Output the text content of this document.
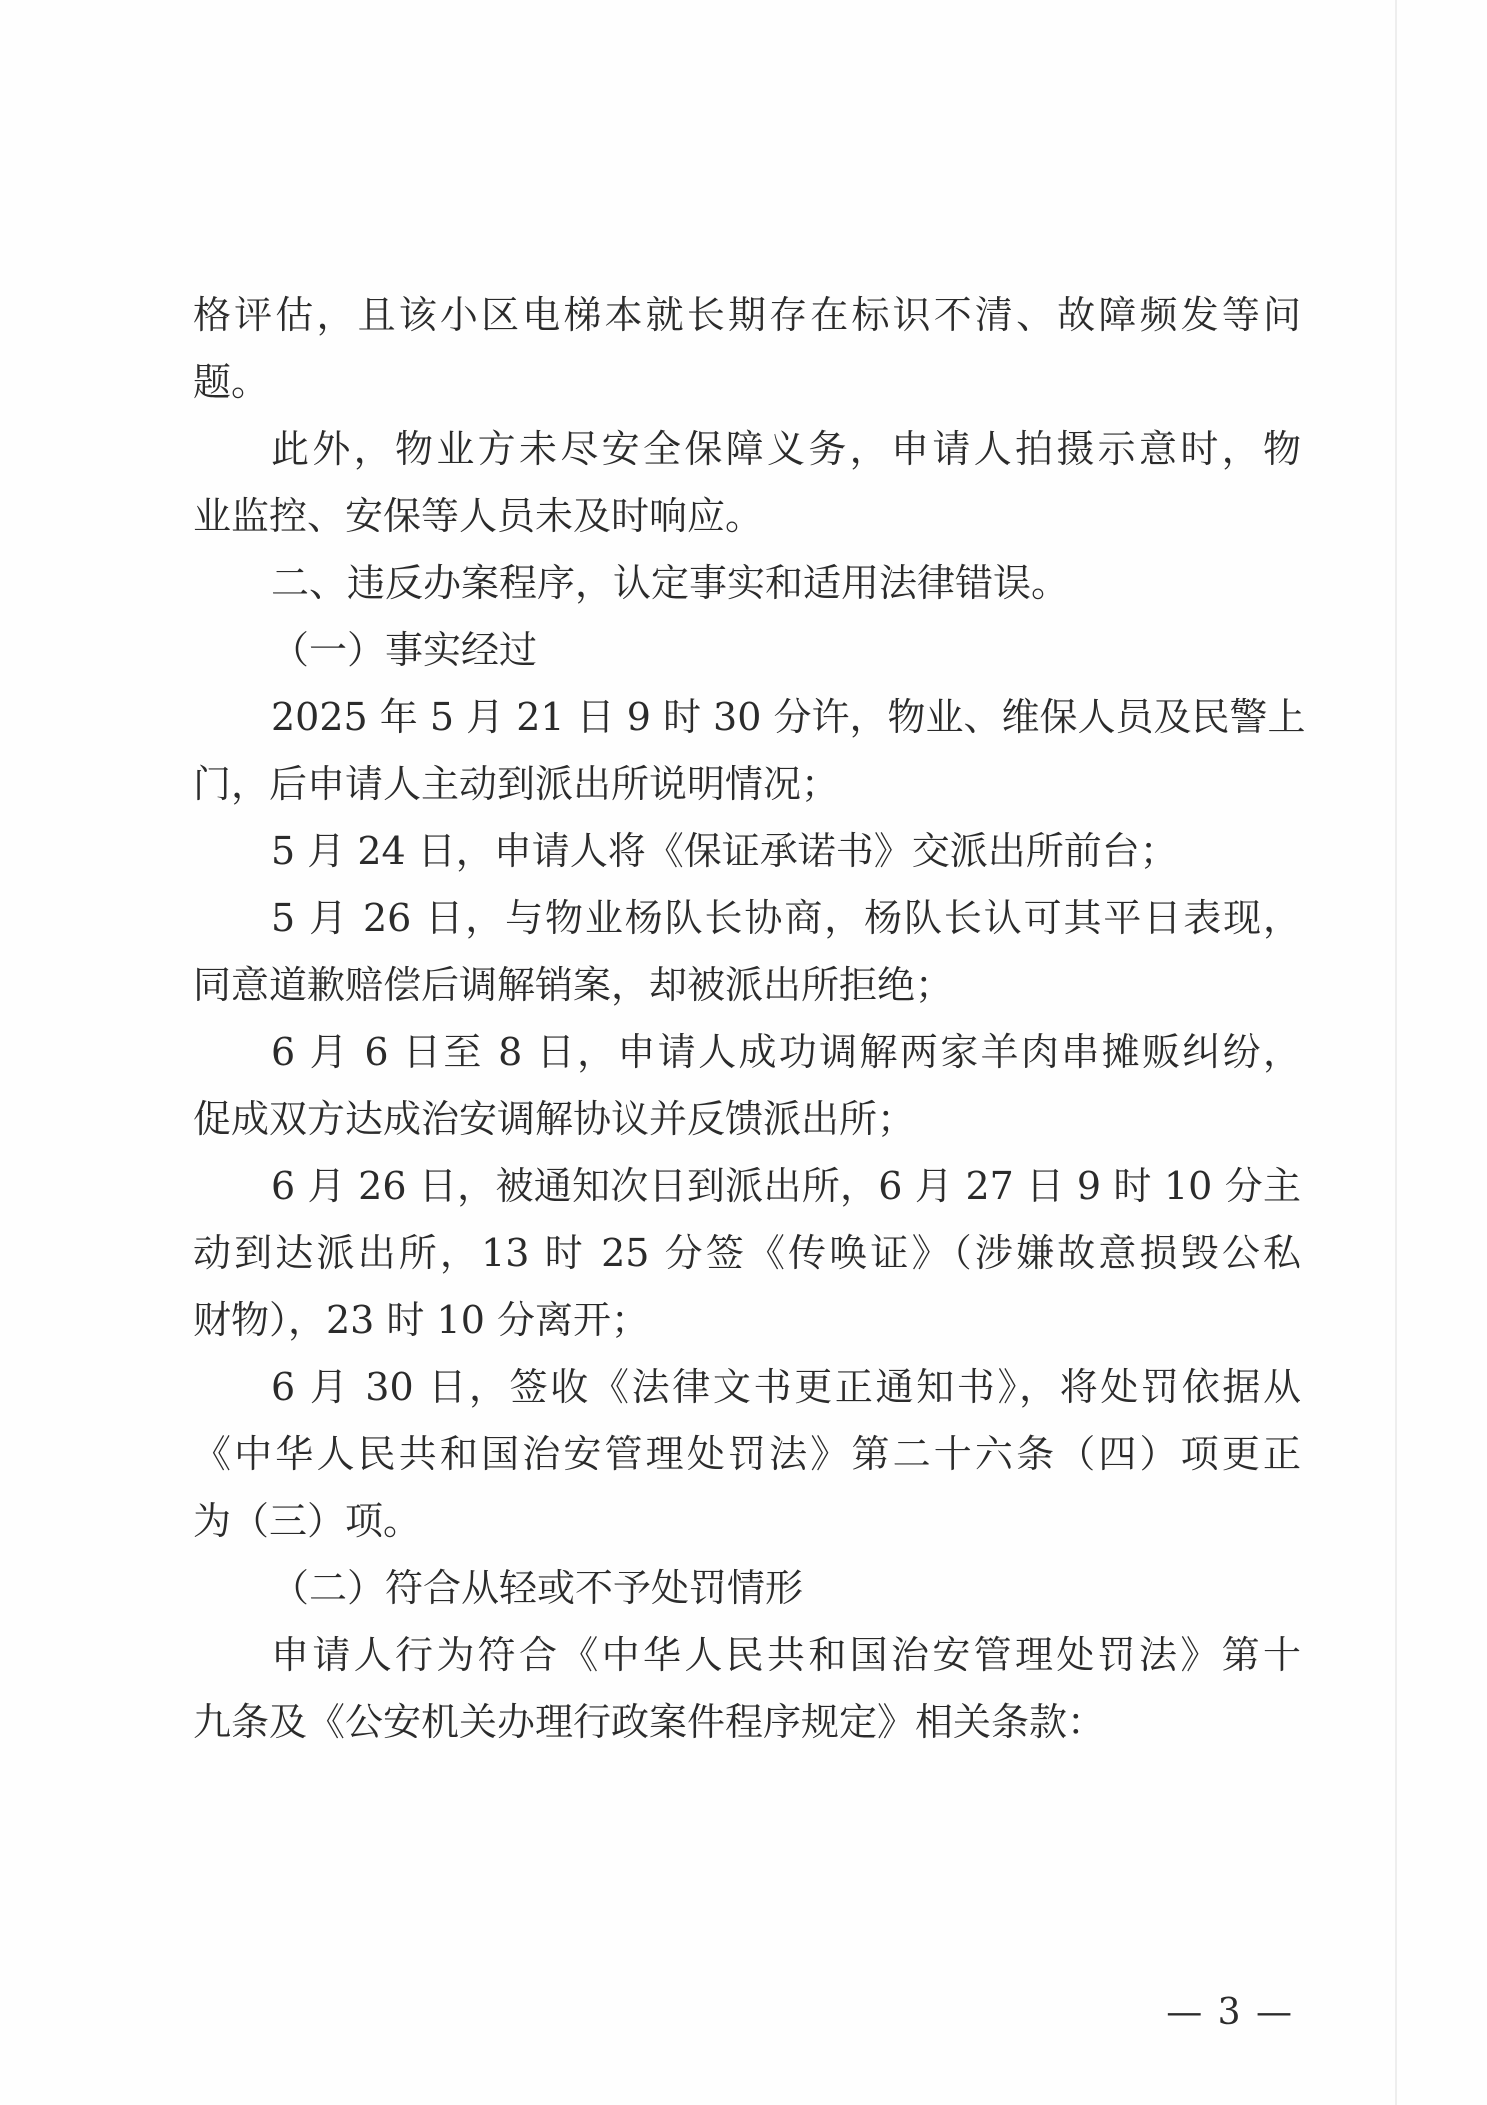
格评估，且该小区电梯本就长期存在标识不清、故障频发等问
题。
此外，物业方未尽安全保障义务，申请人拍摄示意时，物
业监控、安保等人员未及时响应。
二、违反办案程序，认定事实和适用法律错误。
（一）事实经过
2025 年 5 月 21 日 9 时 30 分许，物业、维保人员及民警上
门，后申请人主动到派出所说明情况；
5 月 24 日，申请人将《保证承诺书》交派出所前台；
5 月 26 日，与物业杨队长协商，杨队长认可其平日表现，
同意道歉赔偿后调解销案，却被派出所拒绝；
6 月 6 日至 8 日，申请人成功调解两家羊肉串摊贩纠纷，
促成双方达成治安调解协议并反馈派出所；
6 月 26 日，被通知次日到派出所，6 月 27 日 9 时 10 分主
动到达派出所，13 时 25 分签《传唤证》（涉嫌故意损毁公私
财物），23 时 10 分离开；
6 月 30 日，签收《法律文书更正通知书》，将处罚依据从
《中华人民共和国治安管理处罚法》第二十六条（四）项更正
为（三）项。
（二）符合从轻或不予处罚情形
申请人行为符合《中华人民共和国治安管理处罚法》第十
九条及《公安机关办理行政案件程序规定》相关条款：
— 3 —
